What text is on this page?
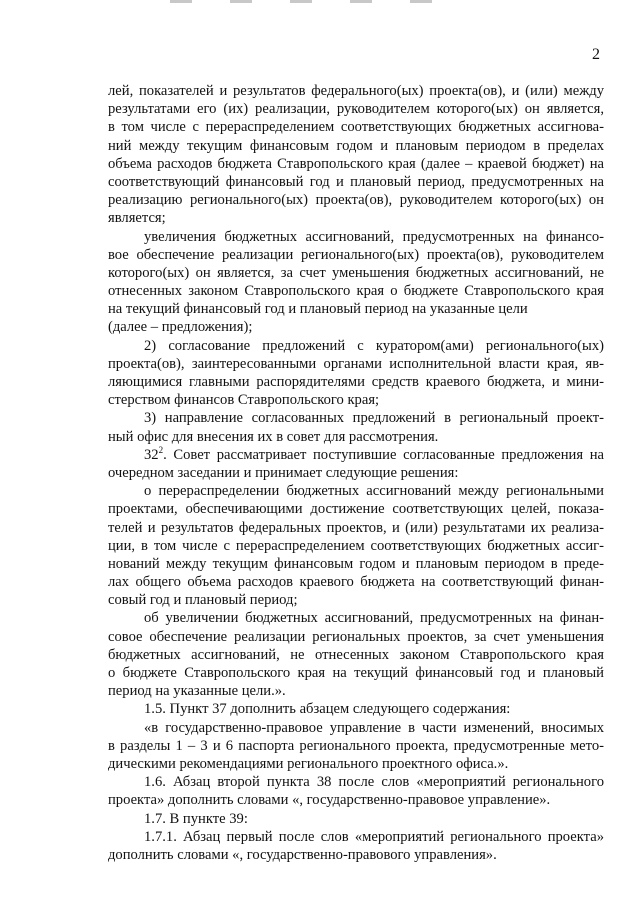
2
лей, показателей и результатов федерального(ых) проекта(ов), и (или) между
результатами его (их) реализации, руководителем которого(ых) он является,
в том числе с перераспределением соответствующих бюджетных ассигнова-
ний между текущим финансовым годом и плановым периодом в пределах
объема расходов бюджета Ставропольского края (далее – краевой бюджет) на
соответствующий финансовый год и плановый период, предусмотренных на
реализацию регионального(ых) проекта(ов), руководителем которого(ых) он
является;
увеличения бюджетных ассигнований, предусмотренных на финансо-
вое обеспечение реализации регионального(ых) проекта(ов), руководителем
которого(ых) он является, за счет уменьшения бюджетных ассигнований, не
отнесенных законом Ставропольского края о бюджете Ставропольского края
на текущий финансовый год и плановый период на указанные цели
(далее – предложения);
2) согласование предложений с куратором(ами) регионального(ых)
проекта(ов), заинтересованными органами исполнительной власти края, яв-
ляющимися главными распорядителями средств краевого бюджета, и мини-
стерством финансов Ставропольского края;
3) направление согласованных предложений в региональный проект-
ный офис для внесения их в совет для рассмотрения.
$32^2$. Совет рассматривает поступившие согласованные предложения на
очередном заседании и принимает следующие решения:
о перераспределении бюджетных ассигнований между региональными
проектами, обеспечивающими достижение соответствующих целей, показа-
телей и результатов федеральных проектов, и (или) результатами их реализа-
ции, в том числе с перераспределением соответствующих бюджетных ассиг-
нований между текущим финансовым годом и плановым периодом в преде-
лах общего объема расходов краевого бюджета на соответствующий финан-
совый год и плановый период;
об увеличении бюджетных ассигнований, предусмотренных на финан-
совое обеспечение реализации региональных проектов, за счет уменьшения
бюджетных ассигнований, не отнесенных законом Ставропольского края
о бюджете Ставропольского края на текущий финансовый год и плановый
период на указанные цели.».
1.5. Пункт 37 дополнить абзацем следующего содержания:
«в государственно-правовое управление в части изменений, вносимых
в разделы 1 – 3 и 6 паспорта регионального проекта, предусмотренные мето-
дическими рекомендациями регионального проектного офиса.».
1.6. Абзац второй пункта 38 после слов «мероприятий регионального
проекта» дополнить словами «, государственно-правовое управление».
1.7. В пункте 39:
1.7.1. Абзац первый после слов «мероприятий регионального проекта»
дополнить словами «, государственно-правового управления».
